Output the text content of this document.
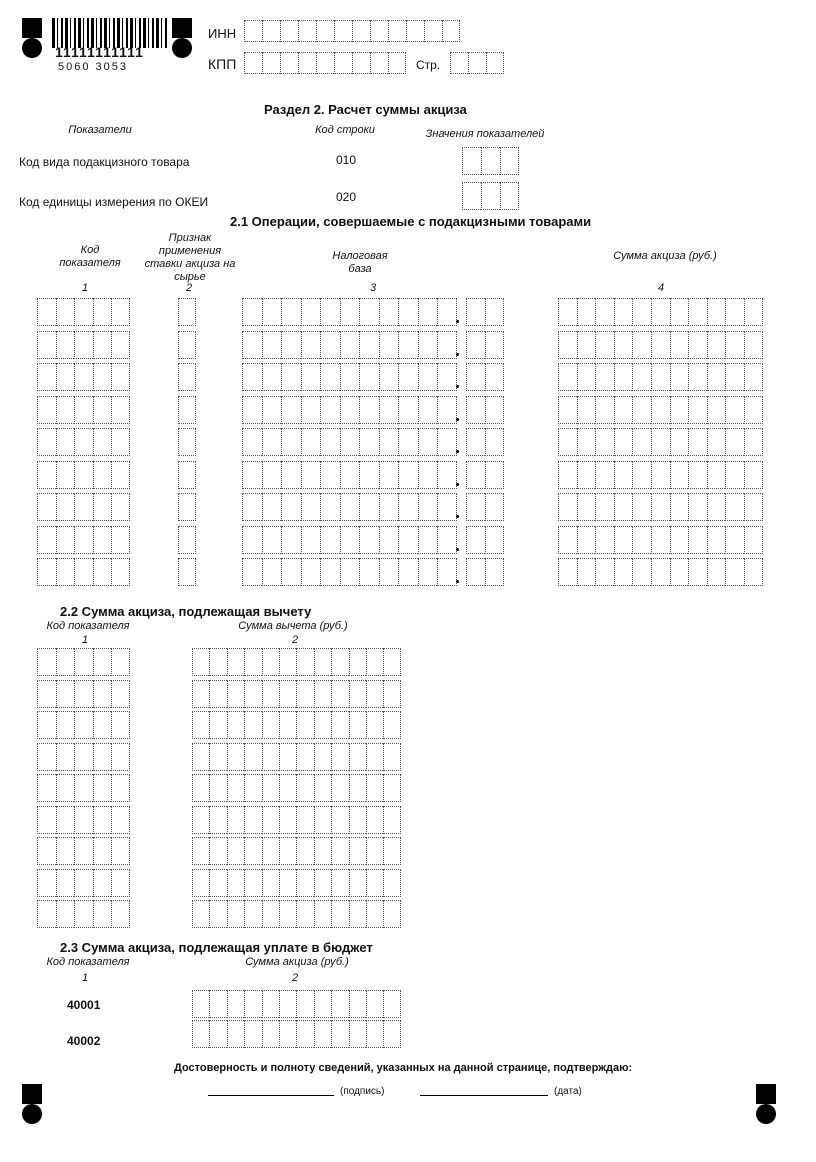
11111111111
5060 3053
ИНН
КПП	Стр.
Раздел 2. Расчет суммы акциза
Показатели	Код строки	Значения показателей
Код вида подакцизного товара	010
Код единицы измерения по ОКЕИ	020
2.1 Операции, совершаемые с подакцизными товарами
Код показателя
Признак применения ставки акциза на сырье
Налоговая база
Сумма акциза (руб.)
1	2	3	4
2.2 Сумма акциза, подлежащая вычету
Код показателя	Сумма вычета (руб.)
1	2
2.3 Сумма акциза, подлежащая уплате в бюджет
Код показателя	Сумма акциза (руб.)
1	2
40001
40002
Достоверность и полноту сведений, указанных на данной странице, подтверждаю:
(подпись)	(дата)
